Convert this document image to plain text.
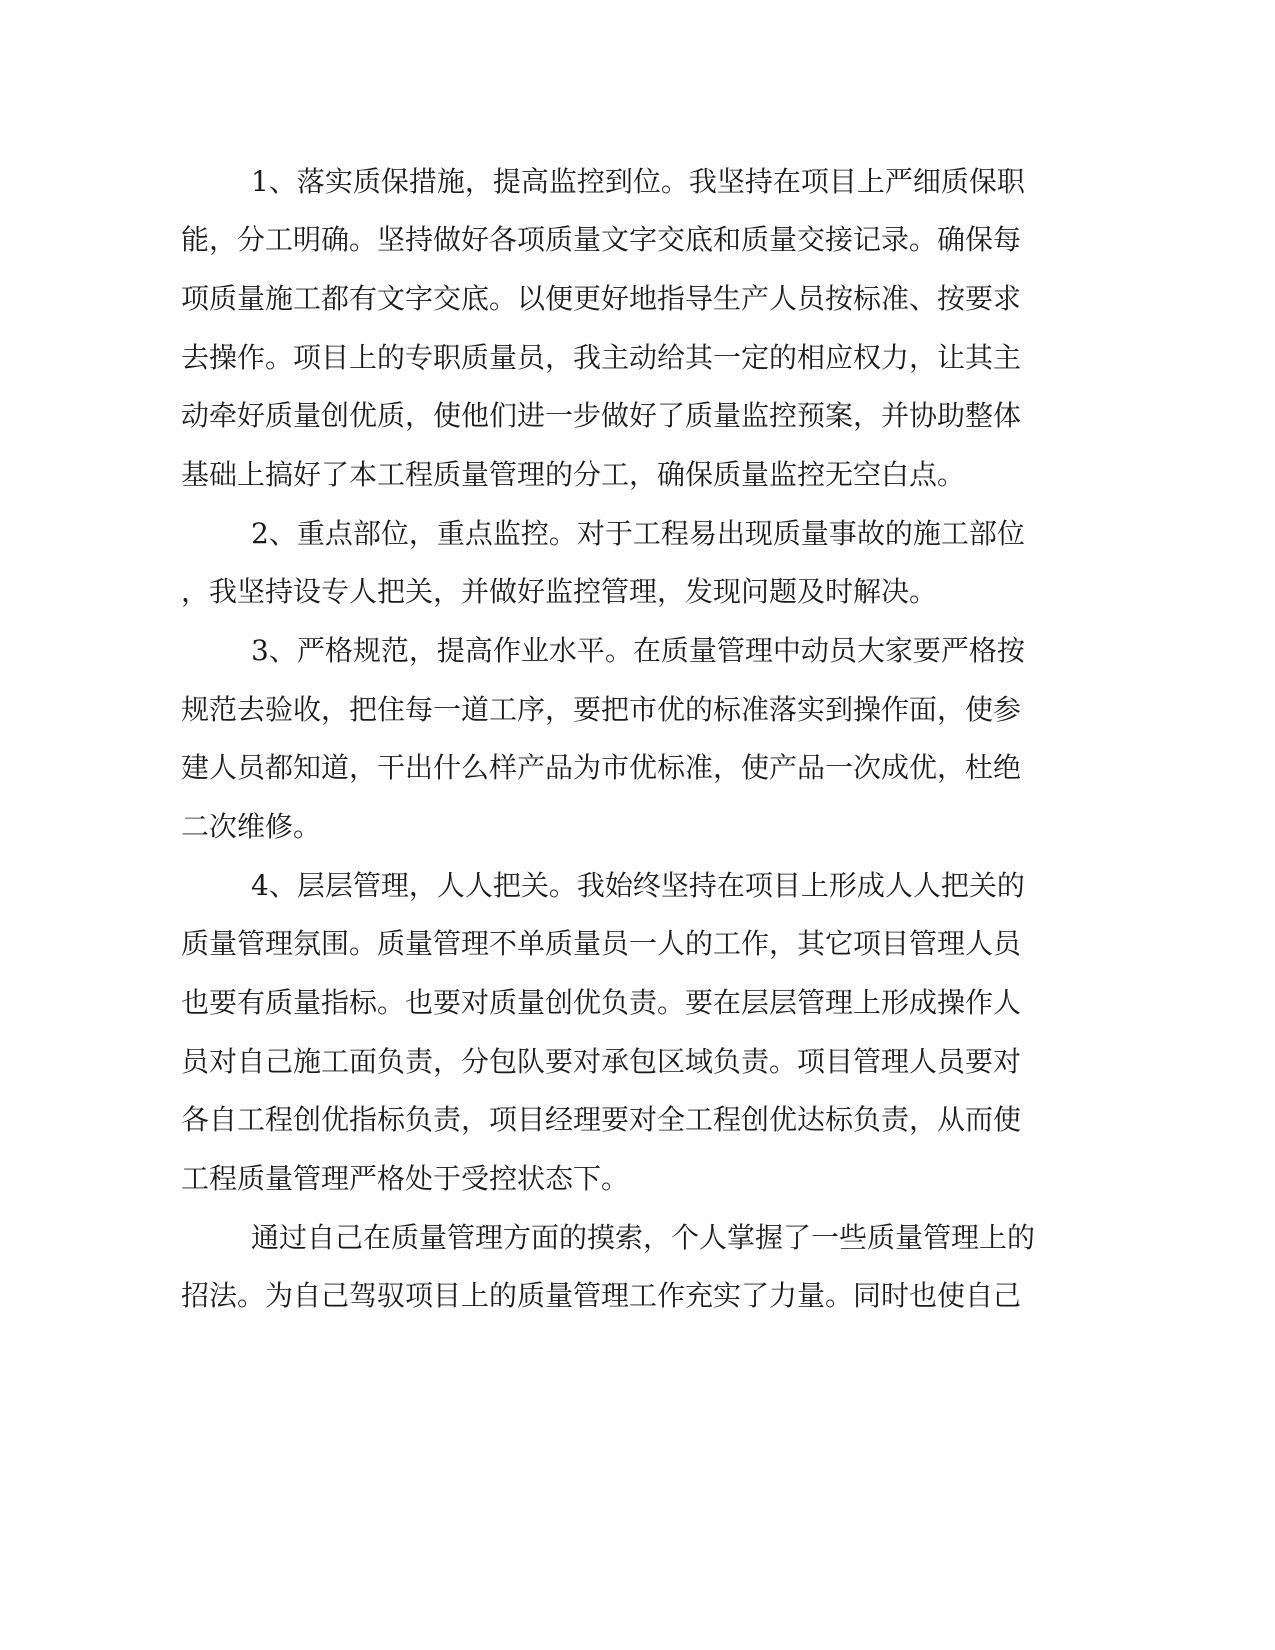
1、落实质保措施，提高监控到位。我坚持在项目上严细质保职
能，分工明确。坚持做好各项质量文字交底和质量交接记录。确保每
项质量施工都有文字交底。以便更好地指导生产人员按标准、按要求
去操作。项目上的专职质量员，我主动给其一定的相应权力，让其主
动牵好质量创优质，使他们进一步做好了质量监控预案，并协助整体
基础上搞好了本工程质量管理的分工，确保质量监控无空白点。
2、重点部位，重点监控。对于工程易出现质量事故的施工部位
，我坚持设专人把关，并做好监控管理，发现问题及时解决。
3、严格规范，提高作业水平。在质量管理中动员大家要严格按
规范去验收，把住每一道工序，要把市优的标准落实到操作面，使参
建人员都知道，干出什么样产品为市优标准，使产品一次成优，杜绝
二次维修。
4、层层管理，人人把关。我始终坚持在项目上形成人人把关的
质量管理氛围。质量管理不单质量员一人的工作，其它项目管理人员
也要有质量指标。也要对质量创优负责。要在层层管理上形成操作人
员对自己施工面负责，分包队要对承包区域负责。项目管理人员要对
各自工程创优指标负责，项目经理要对全工程创优达标负责，从而使
工程质量管理严格处于受控状态下。
通过自己在质量管理方面的摸索，个人掌握了一些质量管理上的
招法。为自己驾驭项目上的质量管理工作充实了力量。同时也使自己
